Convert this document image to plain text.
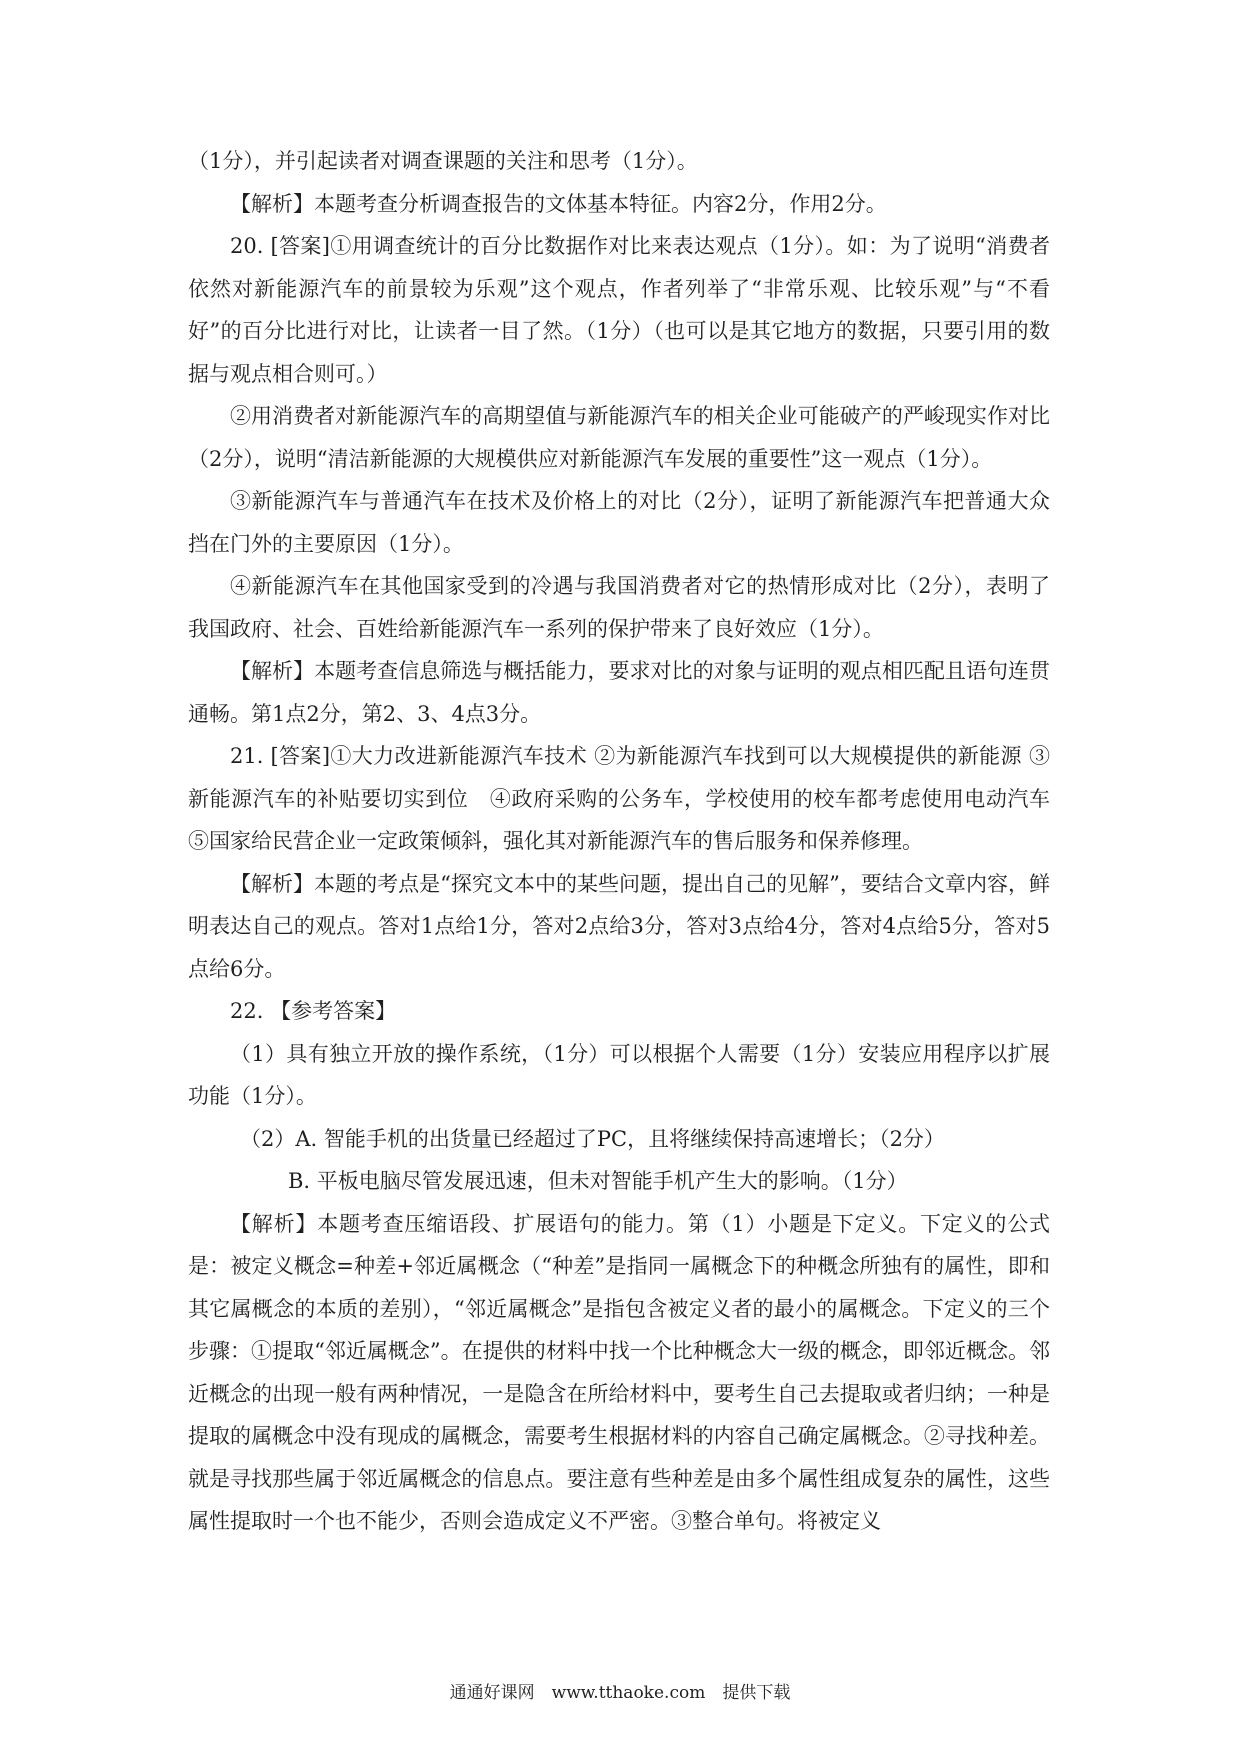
（1分），并引起读者对调查课题的关注和思考（1分）。

【解析】本题考查分析调查报告的文体基本特征。内容2分，作用2分。

20. [答案]①用调查统计的百分比数据作对比来表达观点（1分）。如：为了说明“消费者依然对新能源汽车的前景较为乐观”这个观点，作者列举了“非常乐观、比较乐观”与“不看好”的百分比进行对比，让读者一目了然。（1分）（也可以是其它地方的数据，只要引用的数据与观点相合则可。）

②用消费者对新能源汽车的高期望值与新能源汽车的相关企业可能破产的严峻现实作对比（2分），说明“清洁新能源的大规模供应对新能源汽车发展的重要性”这一观点（1分）。

③新能源汽车与普通汽车在技术及价格上的对比（2分），证明了新能源汽车把普通大众挡在门外的主要原因（1分）。

④新能源汽车在其他国家受到的冷遇与我国消费者对它的热情形成对比（2分），表明了我国政府、社会、百姓给新能源汽车一系列的保护带来了良好效应（1分）。

【解析】本题考查信息筛选与概括能力，要求对比的对象与证明的观点相匹配且语句连贯通畅。第1点2分，第2、3、4点3分。

21. [答案]①大力改进新能源汽车技术 ②为新能源汽车找到可以大规模提供的新能源 ③新能源汽车的补贴要切实到位　④政府采购的公务车，学校使用的校车都考虑使用电动汽车　⑤国家给民营企业一定政策倾斜，强化其对新能源汽车的售后服务和保养修理。

【解析】本题的考点是“探究文本中的某些问题，提出自己的见解”，要结合文章内容，鲜明表达自己的观点。答对1点给1分，答对2点给3分，答对3点给4分，答对4点给5分，答对5点给6分。

22. 【参考答案】

（1）具有独立开放的操作系统，（1分）可以根据个人需要（1分）安装应用程序以扩展功能（1分）。

（2）A. 智能手机的出货量已经超过了PC，且将继续保持高速增长；（2分）

B. 平板电脑尽管发展迅速，但未对智能手机产生大的影响。（1分）

【解析】本题考查压缩语段、扩展语句的能力。第（1）小题是下定义。下定义的公式是：被定义概念=种差+邻近属概念（“种差”是指同一属概念下的种概念所独有的属性，即和其它属概念的本质的差别），“邻近属概念”是指包含被定义者的最小的属概念。下定义的三个步骤：①提取“邻近属概念”。在提供的材料中找一个比种概念大一级的概念，即邻近概念。邻近概念的出现一般有两种情况，一是隐含在所给材料中，要考生自己去提取或者归纳；一种是提取的属概念中没有现成的属概念，需要考生根据材料的内容自己确定属概念。②寻找种差。就是寻找那些属于邻近属概念的信息点。要注意有些种差是由多个属性组成复杂的属性，这些属性提取时一个也不能少，否则会造成定义不严密。③整合单句。将被定义

通通好课网　www.tthaoke.com　提供下载
